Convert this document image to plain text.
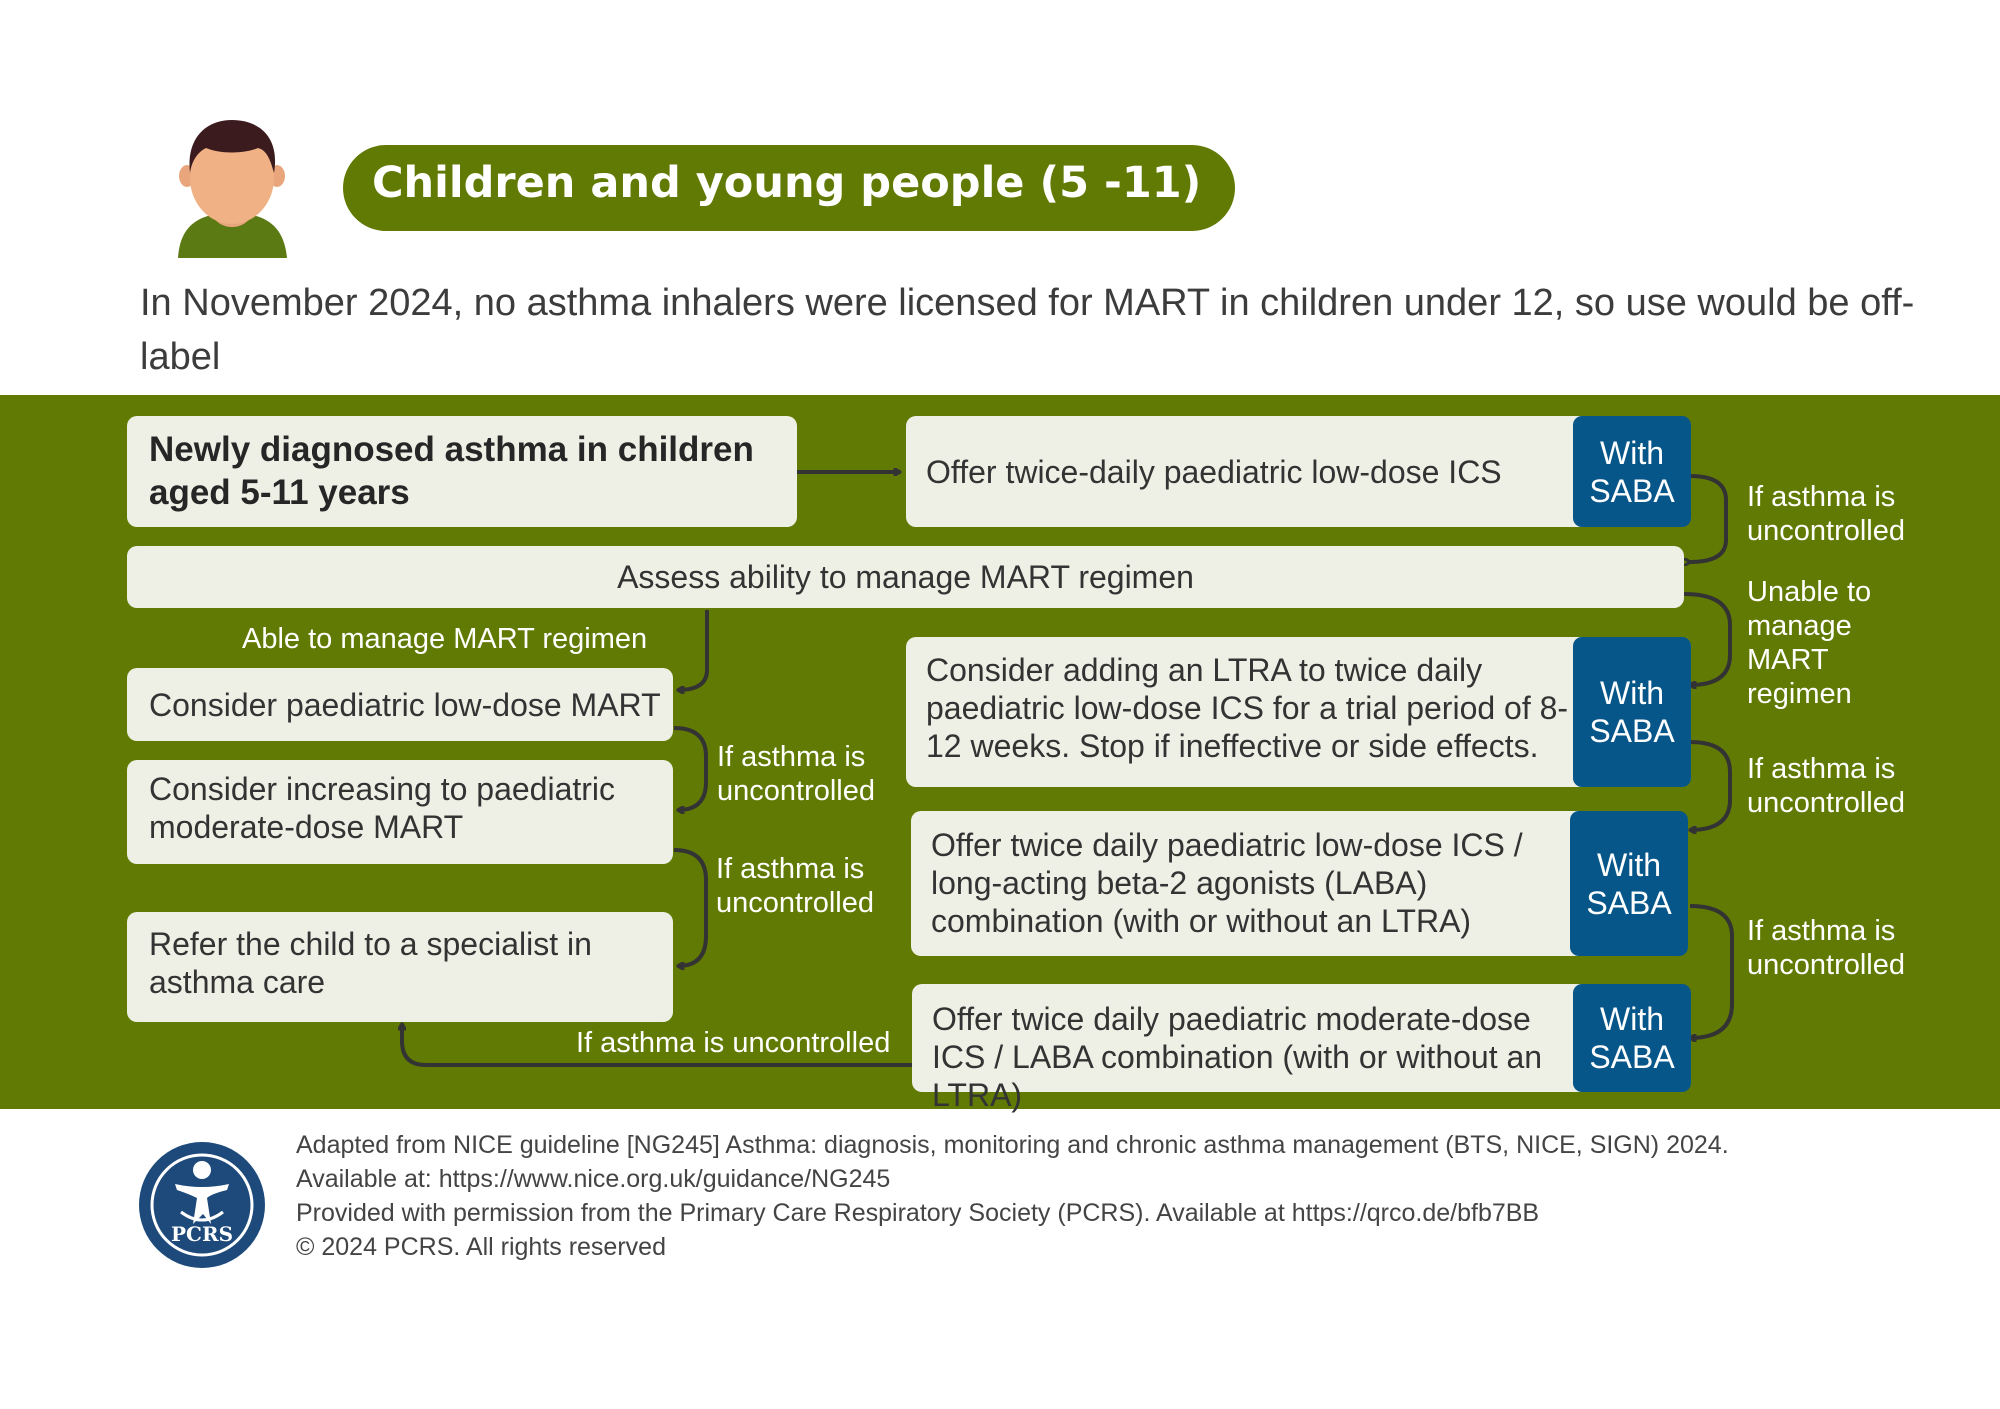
Children and young people (5 -11)
In November 2024, no asthma inhalers were licensed for MART in children under 12, so use would be off-label
Newly diagnosed asthma in children aged 5-11 years
Offer twice-daily paediatric low-dose ICS
With SABA
Assess ability to manage MART regimen
Able to manage MART regimen
Consider paediatric low-dose MART
Consider increasing to paediatric moderate-dose MART
Refer the child to a specialist in asthma care
If asthma is uncontrolled
If asthma is uncontrolled
If asthma is uncontrolled
Consider adding an LTRA to twice daily paediatric low-dose ICS for a trial period of 8-12 weeks. Stop if ineffective or side effects.
With SABA
Offer twice daily paediatric low-dose ICS / long-acting beta-2 agonists (LABA) combination (with or without an LTRA)
With SABA
Offer twice daily paediatric moderate-dose ICS / LABA combination (with or without an LTRA)
With SABA
If asthma is uncontrolled
Unable to manage MART regimen
If asthma is uncontrolled
If asthma is uncontrolled
PCRS
Adapted from NICE guideline [NG245] Asthma: diagnosis, monitoring and chronic asthma management (BTS, NICE, SIGN) 2024.
Available at: https://www.nice.org.uk/guidance/NG245
Provided with permission from the Primary Care Respiratory Society (PCRS). Available at https://qrco.de/bfb7BB
© 2024 PCRS. All rights reserved
